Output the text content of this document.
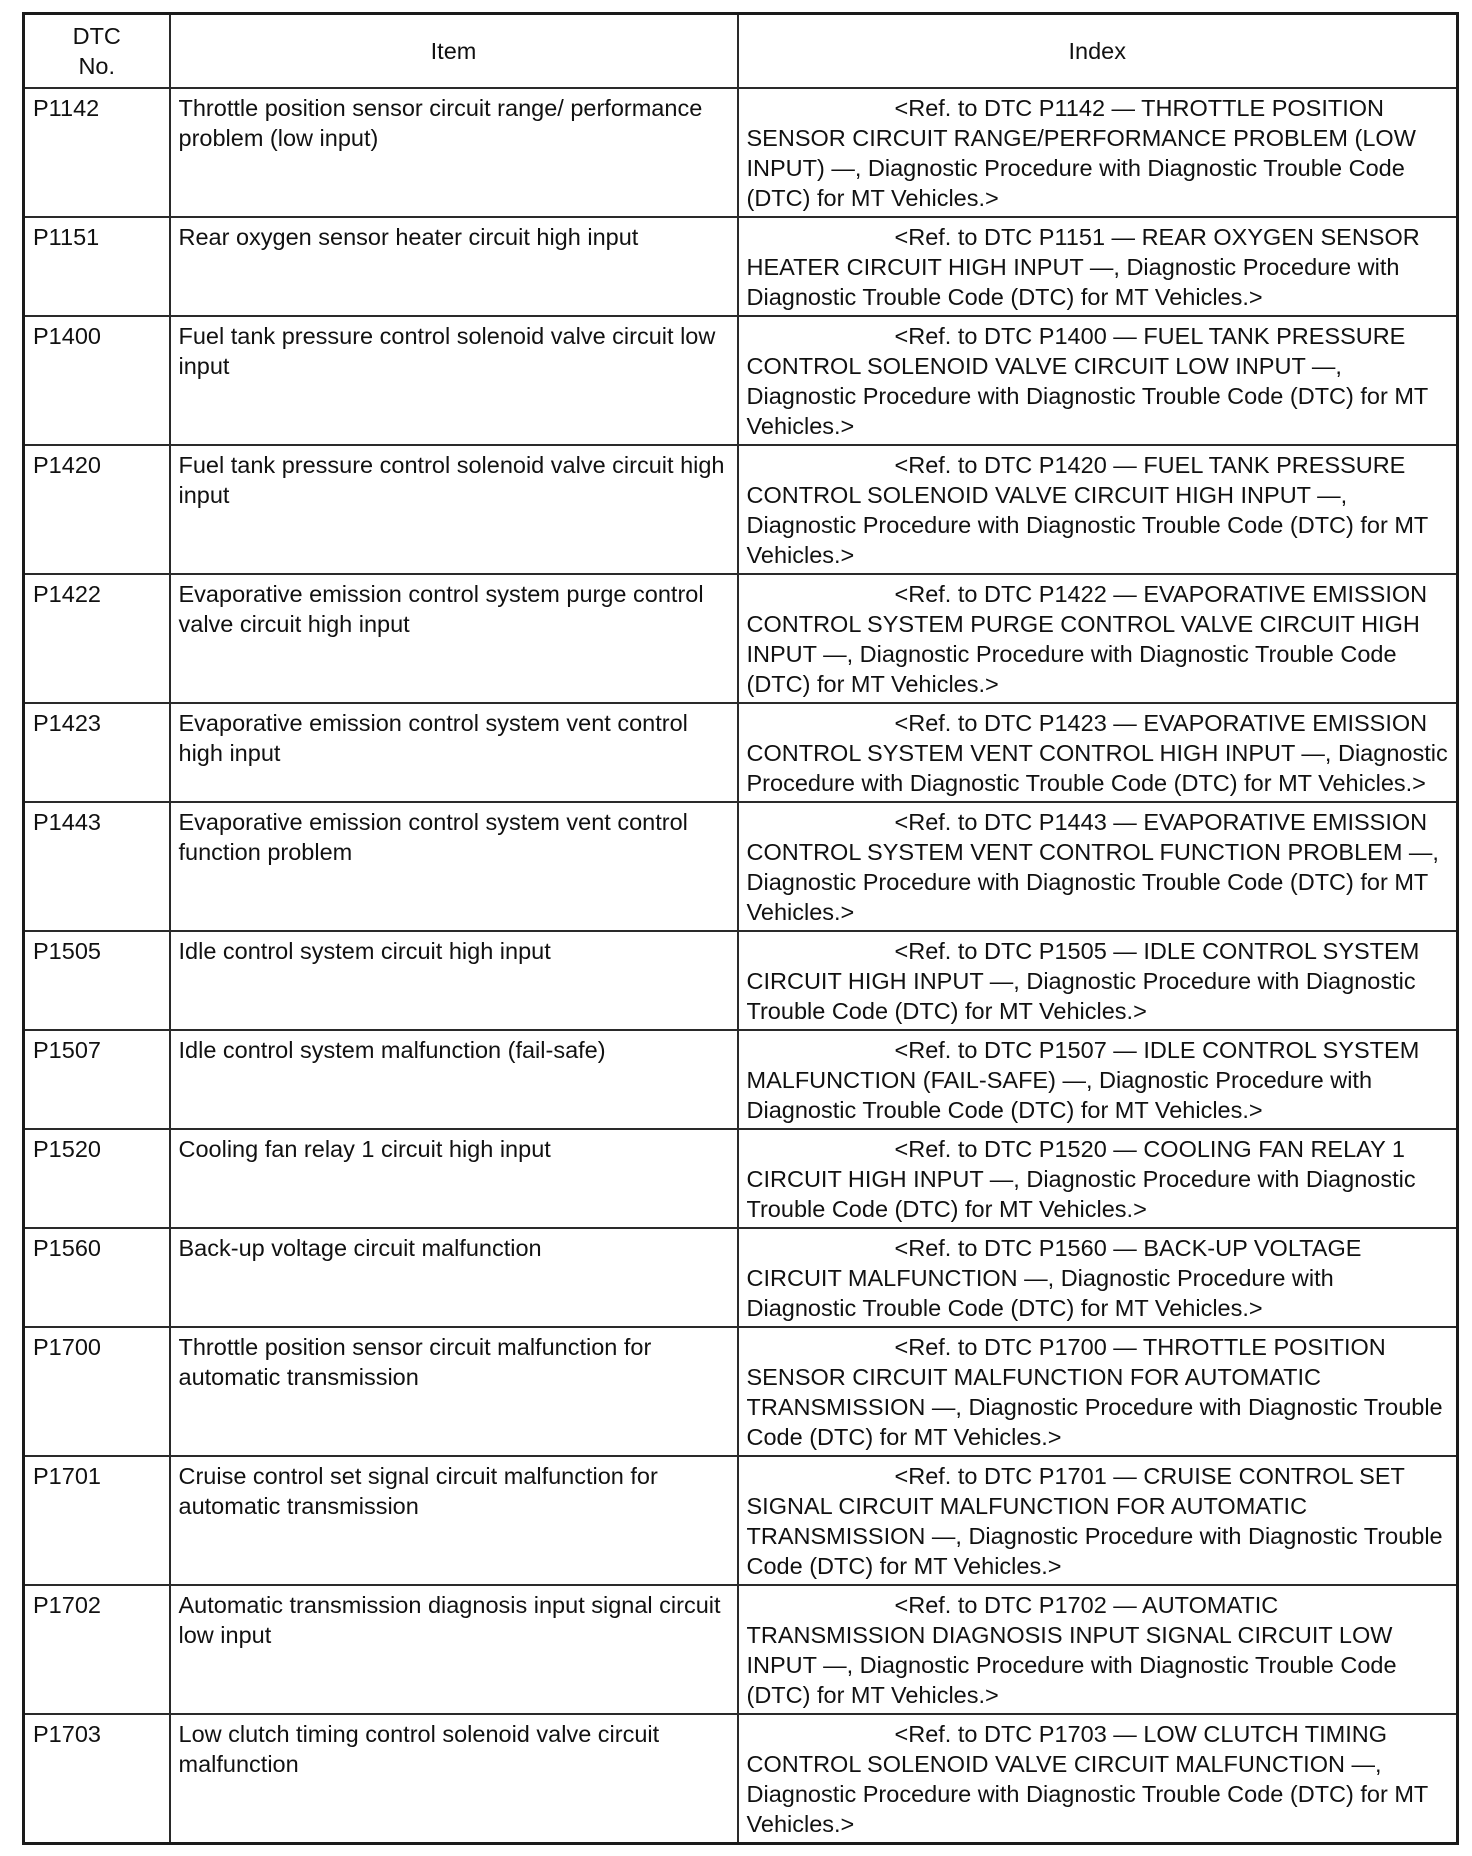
DTC
No.	Item	Index
P1142	Throttle position sensor circuit range/ performance problem (low input)	<Ref. to DTC P1142 — THROTTLE POSITION SENSOR CIRCUIT RANGE/PERFORMANCE PROBLEM (LOW INPUT) —, Diagnostic Procedure with Diagnostic Trouble Code (DTC) for MT Vehicles.>
P1151	Rear oxygen sensor heater circuit high input	<Ref. to DTC P1151 — REAR OXYGEN SENSOR HEATER CIRCUIT HIGH INPUT —, Diagnostic Procedure with Diagnostic Trouble Code (DTC) for MT Vehicles.>
P1400	Fuel tank pressure control solenoid valve circuit low input	<Ref. to DTC P1400 — FUEL TANK PRESSURE CONTROL SOLENOID VALVE CIRCUIT LOW INPUT —, Diagnostic Procedure with Diagnostic Trouble Code (DTC) for MT Vehicles.>
P1420	Fuel tank pressure control solenoid valve circuit high input	<Ref. to DTC P1420 — FUEL TANK PRESSURE CONTROL SOLENOID VALVE CIRCUIT HIGH INPUT —, Diagnostic Procedure with Diagnostic Trouble Code (DTC) for MT Vehicles.>
P1422	Evaporative emission control system purge control valve circuit high input	<Ref. to DTC P1422 — EVAPORATIVE EMISSION CONTROL SYSTEM PURGE CONTROL VALVE CIRCUIT HIGH INPUT —, Diagnostic Procedure with Diagnostic Trouble Code (DTC) for MT Vehicles.>
P1423	Evaporative emission control system vent control high input	<Ref. to DTC P1423 — EVAPORATIVE EMISSION CONTROL SYSTEM VENT CONTROL HIGH INPUT —, Diagnostic Procedure with Diagnostic Trouble Code (DTC) for MT Vehicles.>
P1443	Evaporative emission control system vent control function problem	<Ref. to DTC P1443 — EVAPORATIVE EMISSION CONTROL SYSTEM VENT CONTROL FUNCTION PROBLEM —, Diagnostic Procedure with Diagnostic Trouble Code (DTC) for MT Vehicles.>
P1505	Idle control system circuit high input	<Ref. to DTC P1505 — IDLE CONTROL SYSTEM CIRCUIT HIGH INPUT —, Diagnostic Procedure with Diagnostic Trouble Code (DTC) for MT Vehicles.>
P1507	Idle control system malfunction (fail-safe)	<Ref. to DTC P1507 — IDLE CONTROL SYSTEM MALFUNCTION (FAIL-SAFE) —, Diagnostic Procedure with Diagnostic Trouble Code (DTC) for MT Vehicles.>
P1520	Cooling fan relay 1 circuit high input	<Ref. to DTC P1520 — COOLING FAN RELAY 1 CIRCUIT HIGH INPUT —, Diagnostic Procedure with Diagnostic Trouble Code (DTC) for MT Vehicles.>
P1560	Back-up voltage circuit malfunction	<Ref. to DTC P1560 — BACK-UP VOLTAGE CIRCUIT MALFUNCTION —, Diagnostic Procedure with Diagnostic Trouble Code (DTC) for MT Vehicles.>
P1700	Throttle position sensor circuit malfunction for automatic transmission	<Ref. to DTC P1700 — THROTTLE POSITION SENSOR CIRCUIT MALFUNCTION FOR AUTOMATIC TRANSMISSION —, Diagnostic Procedure with Diagnostic Trouble Code (DTC) for MT Vehicles.>
P1701	Cruise control set signal circuit malfunction for automatic transmission	<Ref. to DTC P1701 — CRUISE CONTROL SET SIGNAL CIRCUIT MALFUNCTION FOR AUTOMATIC TRANSMISSION —, Diagnostic Procedure with Diagnostic Trouble Code (DTC) for MT Vehicles.>
P1702	Automatic transmission diagnosis input signal circuit low input	<Ref. to DTC P1702 — AUTOMATIC TRANSMISSION DIAGNOSIS INPUT SIGNAL CIRCUIT LOW INPUT —, Diagnostic Procedure with Diagnostic Trouble Code (DTC) for MT Vehicles.>
P1703	Low clutch timing control solenoid valve circuit malfunction	<Ref. to DTC P1703 — LOW CLUTCH TIMING CONTROL SOLENOID VALVE CIRCUIT MALFUNCTION —, Diagnostic Procedure with Diagnostic Trouble Code (DTC) for MT Vehicles.>
